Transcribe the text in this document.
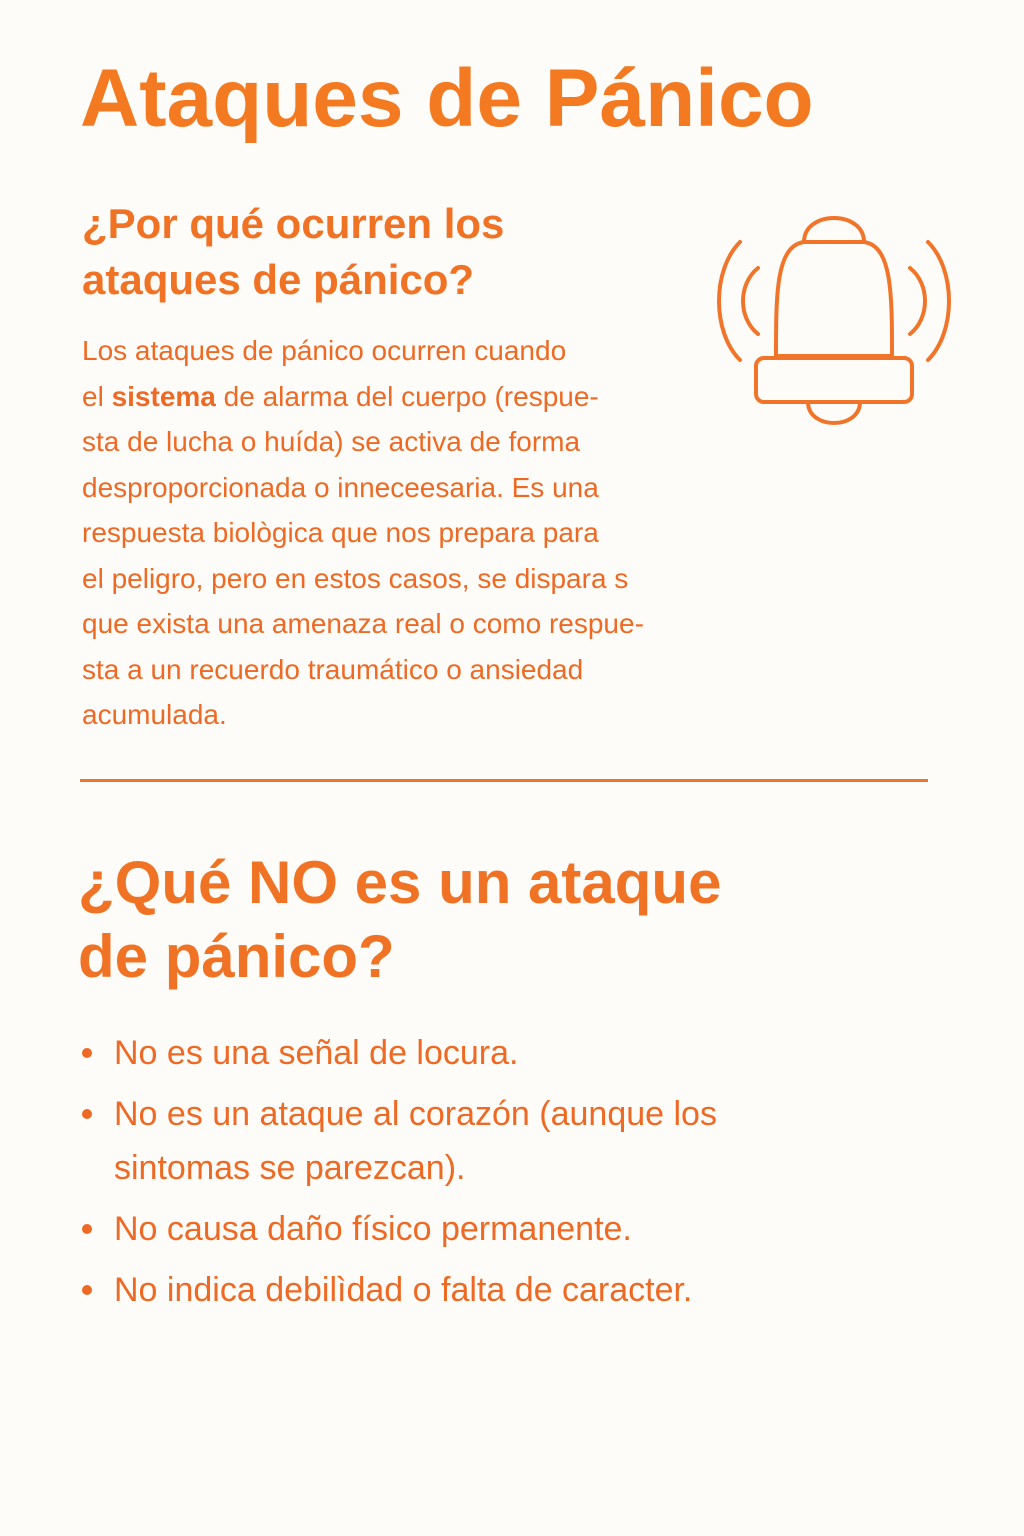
Ataques de Pánico
¿Por qué ocurren los
ataques de pánico?

Los ataques de pánico ocurren cuando
el sistema de alarma del cuerpo (respue-
sta de lucha o huída) se activa de forma
desproporcionada o inneceesaria. Es una
respuesta biològica que nos prepara para
el peligro, pero en estos casos, se dispara s
que exista una amenaza real o como respue-
sta a un recuerdo traumático o ansiedad
acumulada.

¿Qué NO es un ataque
de pánico?
No es una señal de locura.
No es un ataque al corazón (aunque los
sintomas se parezcan).
No causa daño físico permanente.
No indica debilìdad o falta de caracter.
